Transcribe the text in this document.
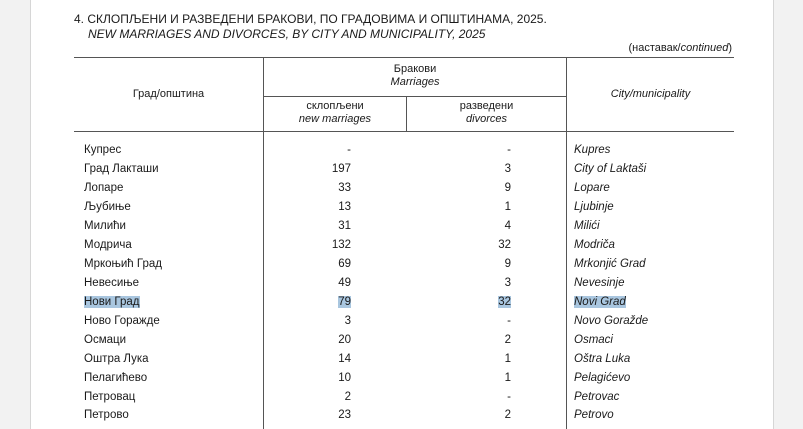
4. СКЛОПЉЕНИ И РАЗВЕДЕНИ БРАКОВИ, ПО ГРАДОВИМА И ОПШТИНАМА, 2025.
NEW MARRIAGES AND DIVORCES, BY CITY AND MUNICIPALITY, 2025
(наставак/continued)
Град/општина
Бракови
Marriages
склопљени
new marriages
разведени
divorces
City/municipality
Купрес	-	-	Kupres
Град Лакташи	197	3	City of Laktaši
Лопаре	33	9	Lopare
Љубиње	13	1	Ljubinje
Милићи	31	4	Milići
Модрича	132	32	Modriča
Мркоњић Град	69	9	Mrkonjić Grad
Невесиње	49	3	Nevesinje
Нови Град	79	32	Novi Grad
Ново Горажде	3	-	Novo Goražde
Осмаци	20	2	Osmaci
Оштра Лука	14	1	Oštra Luka
Пелагићево	10	1	Pelagićevo
Петровац	2	-	Petrovac
Петрово	23	2	Petrovo
